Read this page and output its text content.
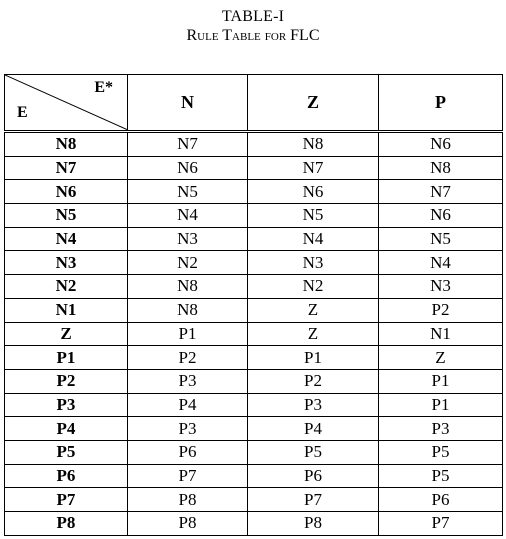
TABLE-I
Rule Table for FLC
E*
E	N	Z	P
N8	N7	N8	N6
N7	N6	N7	N8
N6	N5	N6	N7
N5	N4	N5	N6
N4	N3	N4	N5
N3	N2	N3	N4
N2	N8	N2	N3
N1	N8	Z	P2
Z	P1	Z	N1
P1	P2	P1	Z
P2	P3	P2	P1
P3	P4	P3	P1
P4	P3	P4	P3
P5	P6	P5	P5
P6	P7	P6	P5
P7	P8	P7	P6
P8	P8	P8	P7
